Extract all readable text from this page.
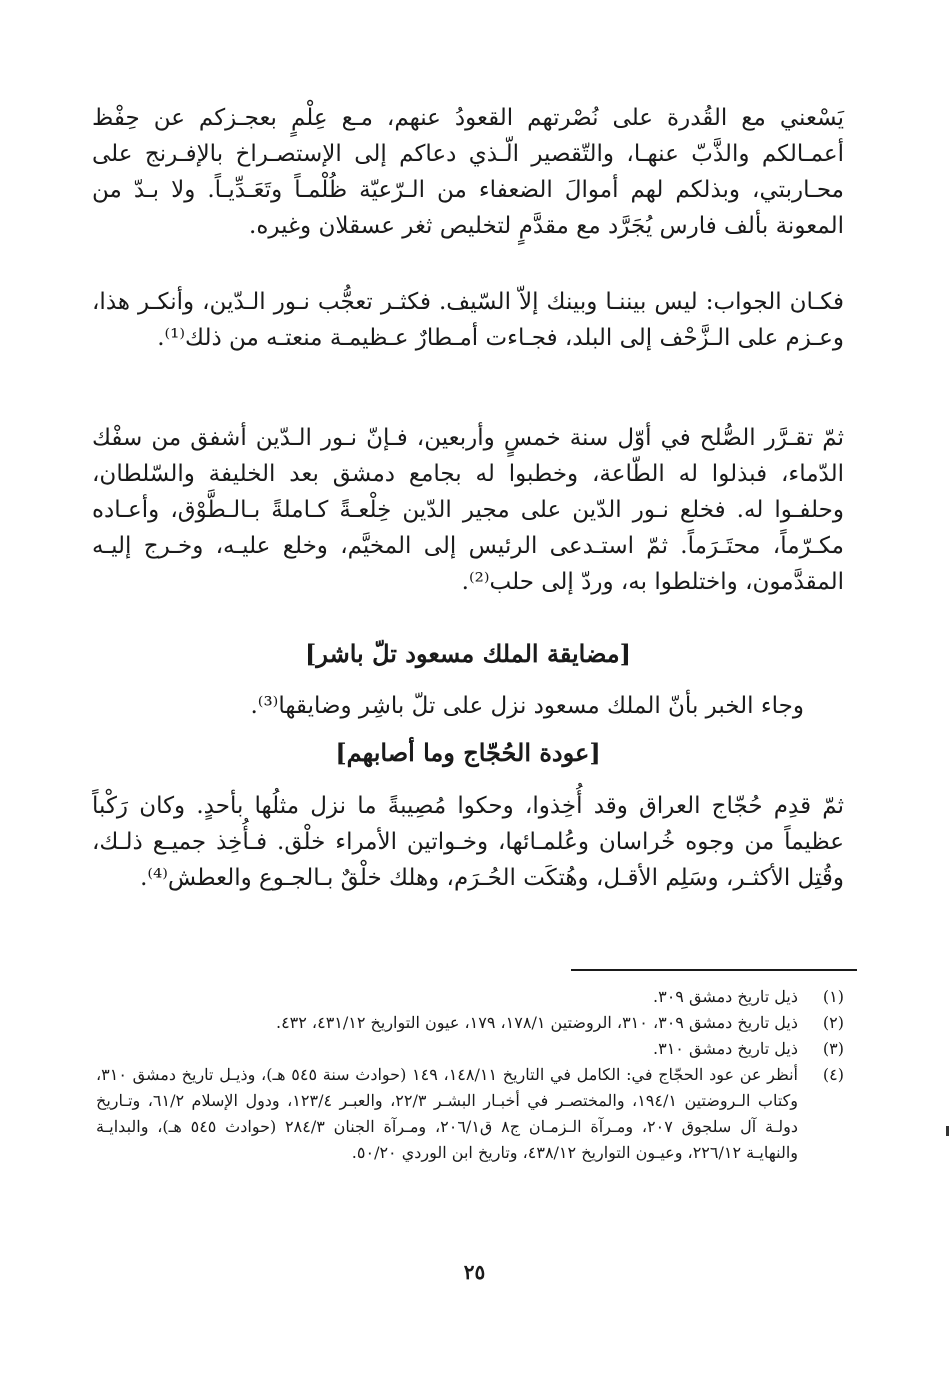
يَسْعني مع القُدرة على نُصْرتهم القعودُ عنهم، مـع عِلْمٍ بعجـزكم عن حِفْظ أعمـالكم والذَّبّ عنهـا، والتّقصير الّـذي دعاكم إلى الإستصـراخ بالإفـرنج على محـاربتي، وبذلكم لهم أموالَ الضعفاء من الـرّعيّة ظُلْمـاً وتَعَـدِّيـاً. ولا بـدّ من المعونة بألف فارس يُجَرَّد مع مقدَّمٍ لتخليص ثغر عسقلان وغيره.

فكـان الجواب: ليس بيننـا وبينك إلاّ السّيف. فكثـر تعجُّب نـور الـدّين، وأنكـر هذا، وعـزم على الـزَّحْف إلى البلد، فجـاءت أمـطارٌ عـظيمـة منعتـه من ذلك⁽¹⁾.

ثمّ تقـرَّر الصُّلح في أوّل سنة خمسٍ وأربعين، فـإنّ نـور الـدّين أشفق من سفْك الدّماء، فبذلوا له الطّاعة، وخطبوا له بجامع دمشق بعد الخليفة والسّلطان، وحلفـوا له. فخلع نـور الدّين على مجير الدّين خِلْعـةً كـاملةً بـالـطَّوْق، وأعـاده مكـرّماً، محتَـرَماً. ثمّ استـدعى الرئيس إلى المخيَّم، وخلع عليـه، وخـرج إليـه المقدَّمون، واختلطوا به، وردّ إلى حلب⁽²⁾.

[مضايقة الملك مسعود تلّ باشر]
وجاء الخبر بأنّ الملك مسعود نزل على تلّ باشِر وضايقها⁽³⁾.
[عودة الحُجّاج وما أصابهم]

ثمّ قدِم حُجّاج العراق وقد أُخِذوا، وحكوا مُصِيبةً ما نزل مثلُها بأحدٍ. وكان رَكْباً عظيماً من وجوه خُراسان وعُلمـائها، وخـواتين الأمراء خلْق. فـأُخِذ جميـع ذلـك، وقُتِل الأكثـر، وسَلِم الأقـل، وهُتكَت الحُـرَم، وهلك خلْقٌ بـالجـوع والعطش⁽⁴⁾.

(١)
ذيل تاريخ دمشق ٣٠٩.
(٢)
ذيل تاريخ دمشق ٣٠٩، ٣١٠، الروضتين ١٧٨/١، ١٧٩، عيون التواريخ ٤٣١/١٢، ٤٣٢.
(٣)
ذيل تاريخ دمشق ٣١٠.
(٤)
أنظر عن عود الحجّاج في: الكامل في التاريخ ١٤٨/١١، ١٤٩ (حوادث سنة ٥٤٥ هـ)، وذيـل تاريخ دمشق ٣١٠، وكتاب الـروضتين ١٩٤/١، والمختصـر في أخبـار البشـر ٢٢/٣، والعبـر ١٢٣/٤، ودول الإسلام ٦١/٢، وتـاريخ دولـة آل سلجوق ٢٠٧، ومـرآة الـزمـان ج٨ ق٢٠٦/١، ومـرآة الجنان ٢٨٤/٣ (حوادث ٥٤٥ هـ)، والبدايـة والنهايـة ٢٢٦/١٢، وعيـون التواريخ ٤٣٨/١٢، وتاريخ ابن الوردي ٥٠/٢٠.
٢٥
